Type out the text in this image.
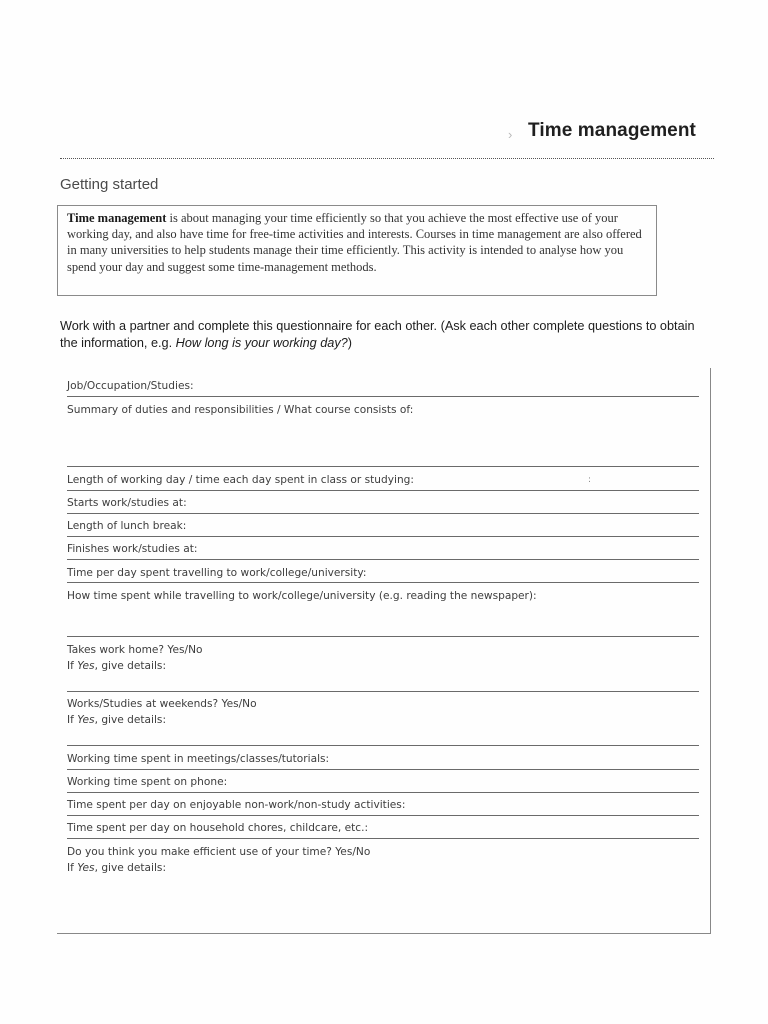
› Time management
Getting started
Time management is about managing your time efficiently so that you achieve the most effective use of your working day, and also have time for free-time activities and interests. Courses in time management are also offered in many universities to help students manage their time efficiently. This activity is intended to analyse how you spend your day and suggest some time-management methods.
Work with a partner and complete this questionnaire for each other. (Ask each other complete questions to obtain the information, e.g. How long is your working day?)
Job/Occupation/Studies:
Summary of duties and responsibilities / What course consists of:
Length of working day / time each day spent in class or studying:	:
Starts work/studies at:
Length of lunch break:
Finishes work/studies at:
Time per day spent travelling to work/college/university:
How time spent while travelling to work/college/university (e.g. reading the newspaper):
Takes work home? Yes/No
If Yes, give details:
Works/Studies at weekends? Yes/No
If Yes, give details:
Working time spent in meetings/classes/tutorials:
Working time spent on phone:
Time spent per day on enjoyable non-work/non-study activities:
Time spent per day on household chores, childcare, etc.:
Do you think you make efficient use of your time? Yes/No
If Yes, give details:
